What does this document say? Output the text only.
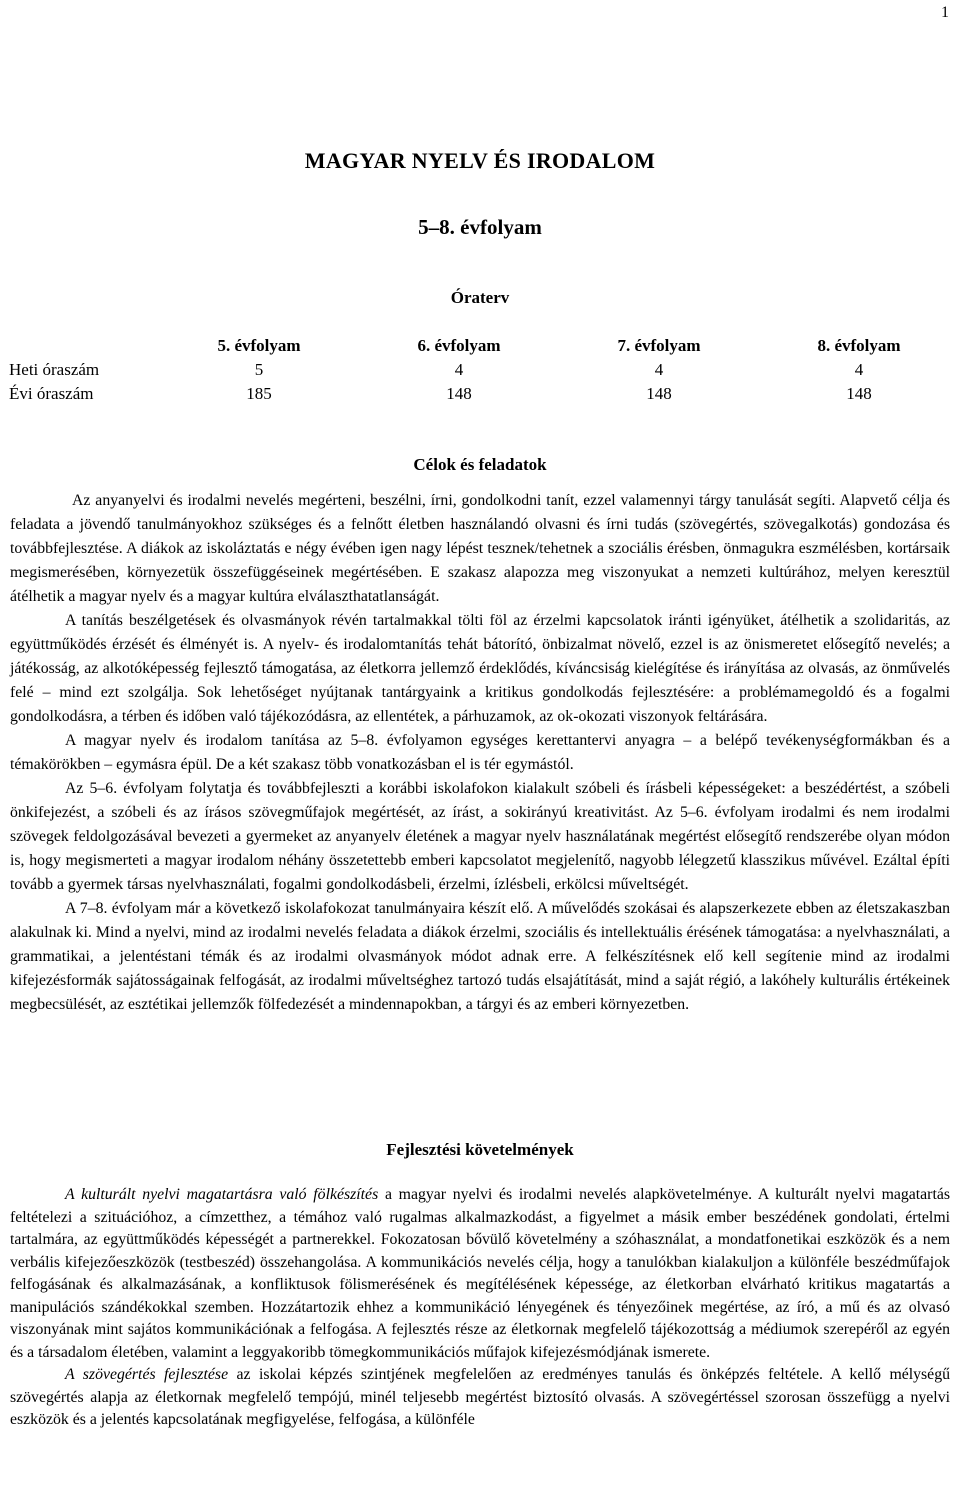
1
MAGYAR NYELV ÉS IRODALOM
5–8. évfolyam
Óraterv
	5. évfolyam	6. évfolyam	7. évfolyam	8. évfolyam
Heti óraszám	5	4	4	4
Évi óraszám	185	148	148	148
Célok és feladatok

Az anyanyelvi és irodalmi nevelés megérteni, beszélni, írni, gondolkodni tanít, ezzel valamennyi tárgy tanulását segíti. Alapvető célja és feladata a jövendő tanulmányokhoz szükséges és a felnőtt életben használandó olvasni és írni tudás (szövegértés, szövegalkotás) gondozása és továbbfejlesztése. A diákok az iskoláztatás e négy évében igen nagy lépést tesznek/tehetnek a szociális érésben, önmagukra eszmélésben, kortársaik megismerésében, környezetük összefüggéseinek megértésében. E szakasz alapozza meg viszonyukat a nemzeti kultúrához, melyen keresztül átélhetik a magyar nyelv és a magyar kultúra elválaszthatatlanságát.

A tanítás beszélgetések és olvasmányok révén tartalmakkal tölti föl az érzelmi kapcsolatok iránti igényüket, átélhetik a szolidaritás, az együttműködés érzését és élményét is. A nyelv- és irodalomtanítás tehát bátorító, önbizalmat növelő, ezzel is az önismeretet elősegítő nevelés; a játékosság, az alkotóképesség fejlesztő támogatása, az életkorra jellemző érdeklődés, kíváncsiság kielégítése és irányítása az olvasás, az önművelés felé – mind ezt szolgálja. Sok lehetőséget nyújtanak tantárgyaink a kritikus gondolkodás fejlesztésére: a problémamegoldó és a fogalmi gondolkodásra, a térben és időben való tájékozódásra, az ellentétek, a párhuzamok, az ok-okozati viszonyok feltárására.

A magyar nyelv és irodalom tanítása az 5–8. évfolyamon egységes kerettantervi anyagra – a belépő tevékenységformákban és a témakörökben – egymásra épül. De a két szakasz több vonatkozásban el is tér egymástól.

Az 5–6. évfolyam folytatja és továbbfejleszti a korábbi iskolafokon kialakult szóbeli és írásbeli képességeket: a beszédértést, a szóbeli önkifejezést, a szóbeli és az írásos szövegműfajok megértését, az írást, a sokirányú kreativitást. Az 5–6. évfolyam irodalmi és nem irodalmi szövegek feldolgozásával bevezeti a gyermeket az anyanyelv életének a magyar nyelv használatának megértést elősegítő rendszerébe olyan módon is, hogy megismerteti a magyar irodalom néhány összetettebb emberi kapcsolatot megjelenítő, nagyobb lélegzetű klasszikus művével. Ezáltal építi tovább a gyermek társas nyelvhasználati, fogalmi gondolkodásbeli, érzelmi, ízlésbeli, erkölcsi műveltségét.

A 7–8. évfolyam már a következő iskolafokozat tanulmányaira készít elő. A művelődés szokásai és alapszerkezete ebben az életszakaszban alakulnak ki. Mind a nyelvi, mind az irodalmi nevelés feladata a diákok érzelmi, szociális és intellektuális érésének támogatása: a nyelvhasználati, a grammatikai, a jelentéstani témák és az irodalmi olvasmányok módot adnak erre. A felkészítésnek elő kell segítenie mind az irodalmi kifejezésformák sajátosságainak felfogását, az irodalmi műveltséghez tartozó tudás elsajátítását, mind a saját régió, a lakóhely kulturális értékeinek megbecsülését, az esztétikai jellemzők fölfedezését a mindennapokban, a tárgyi és az emberi környezetben.

Fejlesztési követelmények

A kulturált nyelvi magatartásra való fölkészítés a magyar nyelvi és irodalmi nevelés alapkövetelménye. A kulturált nyelvi magatartás feltételezi a szituációhoz, a címzetthez, a témához való rugalmas alkalmazkodást, a figyelmet a másik ember beszédének gondolati, értelmi tartalmára, az együttműködés képességét a partnerekkel. Fokozatosan bővülő követelmény a szóhasználat, a mondatfonetikai eszközök és a nem verbális kifejezőeszközök (testbeszéd) összehangolása. A kommunikációs nevelés célja, hogy a tanulókban kialakuljon a különféle beszédműfajok felfogásának és alkalmazásának, a konfliktusok fölismerésének és megítélésének képessége, az életkorban elvárható kritikus magatartás a manipulációs szándékokkal szemben. Hozzátartozik ehhez a kommunikáció lényegének és tényezőinek megértése, az író, a mű és az olvasó viszonyának mint sajátos kommunikációnak a felfogása. A fejlesztés része az életkornak megfelelő tájékozottság a médiumok szerepéről az egyén és a társadalom életében, valamint a leggyakoribb tömegkommunikációs műfajok kifejezésmódjának ismerete.

A szövegértés fejlesztése az iskolai képzés szintjének megfelelően az eredményes tanulás és önképzés feltétele. A kellő mélységű szövegértés alapja az életkornak megfelelő tempójú, minél teljesebb megértést biztosító olvasás. A szövegértéssel szorosan összefügg a nyelvi eszközök és a jelentés kapcsolatának megfigyelése, felfogása, a különféle
